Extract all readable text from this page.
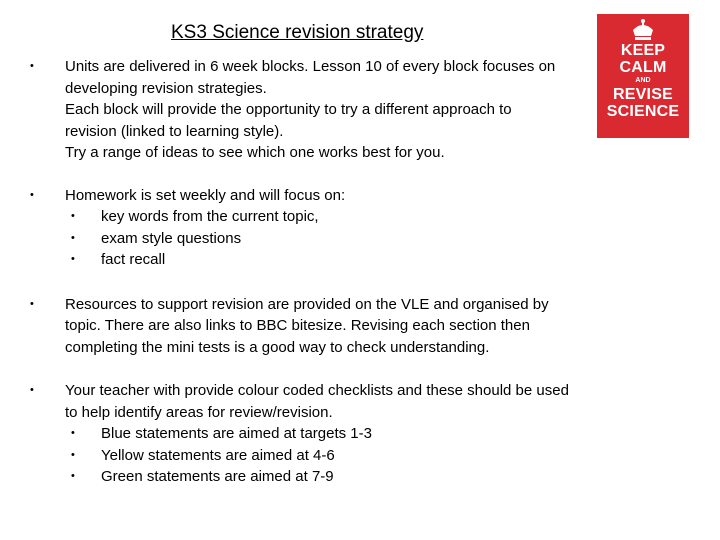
KS3 Science revision strategy
KEEP
CALM
AND
REVISE
SCIENCE
•	Units are delivered in 6 week blocks. Lesson 10 of every block focuses on
developing revision strategies.
Each block will provide the opportunity to try a different approach to
revision (linked to learning style).
Try a range of ideas to see which one works best for you.
•	Homework is set weekly and will focus on:
•	key words from the current topic,
•	exam style questions
•	fact recall
•	Resources to support revision are provided on the VLE and organised by
topic. There are also links to BBC bitesize. Revising each section then
completing the mini tests is a good way to check understanding.
•	Your teacher with provide colour coded checklists and these should be used
to help identify areas for review/revision.
•	Blue statements are aimed at targets 1-3
•	Yellow statements are aimed at 4-6
•	Green statements are aimed at 7-9
